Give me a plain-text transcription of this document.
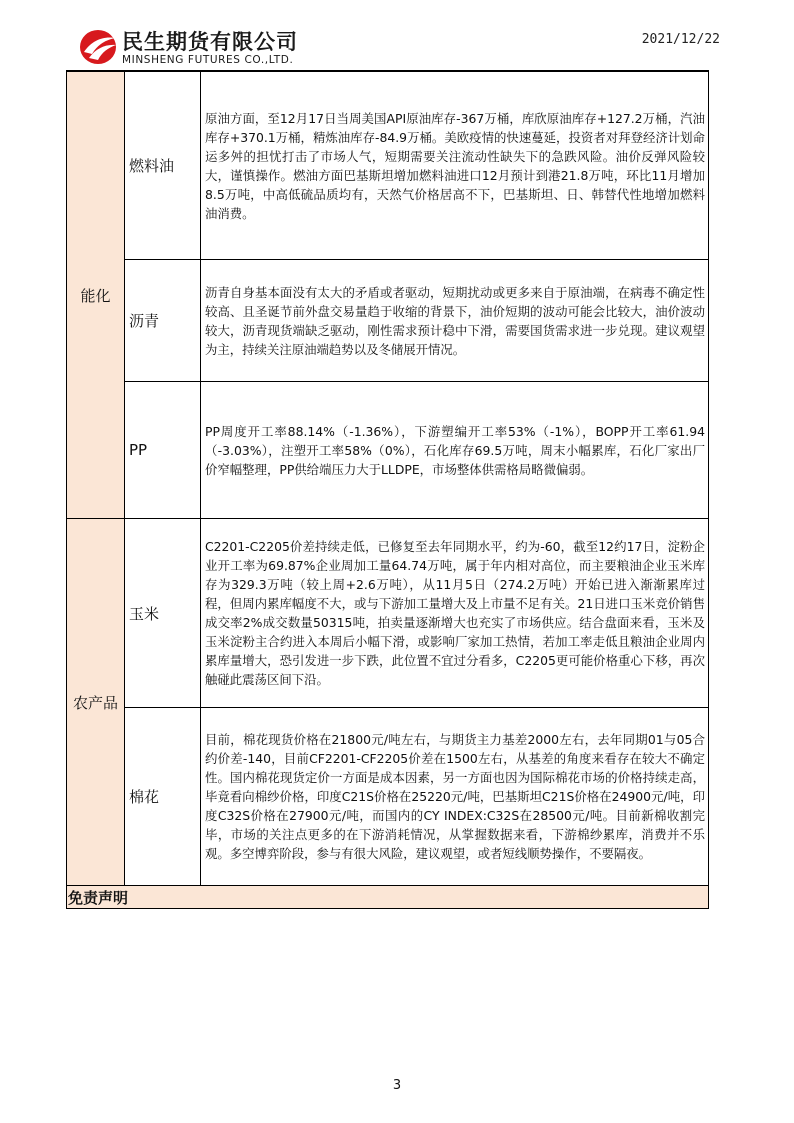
民生期货有限公司
MINSHENG FUTURES CO.,LTD.
2021/12/22
能化	燃料油	原油方面，至12月17日当周美国API原油库存-367万桶，库欣原油库存+127.2万桶，汽油库存+370.1万桶，精炼油库存-84.9万桶。美欧疫情的快速蔓延，投资者对拜登经济计划命运多舛的担忧打击了市场人气，短期需要关注流动性缺失下的急跌风险。油价反弹风险较大，谨慎操作。燃油方面巴基斯坦增加燃料油进口12月预计到港21.8万吨，环比11月增加8.5万吨，中高低硫品质均有，天然气价格居高不下，巴基斯坦、日、韩替代性地增加燃料油消费。
	沥青	沥青自身基本面没有太大的矛盾或者驱动，短期扰动或更多来自于原油端，在病毒不确定性较高、且圣诞节前外盘交易量趋于收缩的背景下，油价短期的波动可能会比较大，油价波动较大，沥青现货端缺乏驱动，刚性需求预计稳中下滑，需要国货需求进一步兑现。建议观望为主，持续关注原油端趋势以及冬储展开情况。
	PP	PP周度开工率88.14%（-1.36%），下游塑编开工率53%（-1%），BOPP开工率61.94（-3.03%），注塑开工率58%（0%），石化库存69.5万吨，周末小幅累库，石化厂家出厂价窄幅整理，PP供给端压力大于LLDPE，市场整体供需格局略微偏弱。
农产品	玉米	C2201-C2205价差持续走低，已修复至去年同期水平，约为-60，截至12约17日，淀粉企业开工率为69.87%企业周加工量64.74万吨，属于年内相对高位，而主要粮油企业玉米库存为329.3万吨（较上周+2.6万吨），从11月5日（274.2万吨）开始已进入渐渐累库过程，但周内累库幅度不大，或与下游加工量增大及上市量不足有关。21日进口玉米竞价销售成交率2%成交数量50315吨，拍卖量逐渐增大也充实了市场供应。结合盘面来看，玉米及玉米淀粉主合约进入本周后小幅下滑，或影响厂家加工热情，若加工率走低且粮油企业周内累库量增大，恐引发进一步下跌，此位置不宜过分看多，C2205更可能价格重心下移，再次触碰此震荡区间下沿。
	棉花	目前，棉花现货价格在21800元/吨左右，与期货主力基差2000左右，去年同期01与05合约价差-140，目前CF2201-CF2205价差在1500左右，从基差的角度来看存在较大不确定性。国内棉花现货定价一方面是成本因素，另一方面也因为国际棉花市场的价格持续走高，毕竟看向棉纱价格，印度C21S价格在25220元/吨，巴基斯坦C21S价格在24900元/吨，印度C32S价格在27900元/吨，而国内的CY INDEX:C32S在28500元/吨。目前新棉收割完毕，市场的关注点更多的在下游消耗情况，从掌握数据来看，下游棉纱累库，消费并不乐观。多空博弈阶段，参与有很大风险，建议观望，或者短线顺势操作，不要隔夜。
免责声明		
3
